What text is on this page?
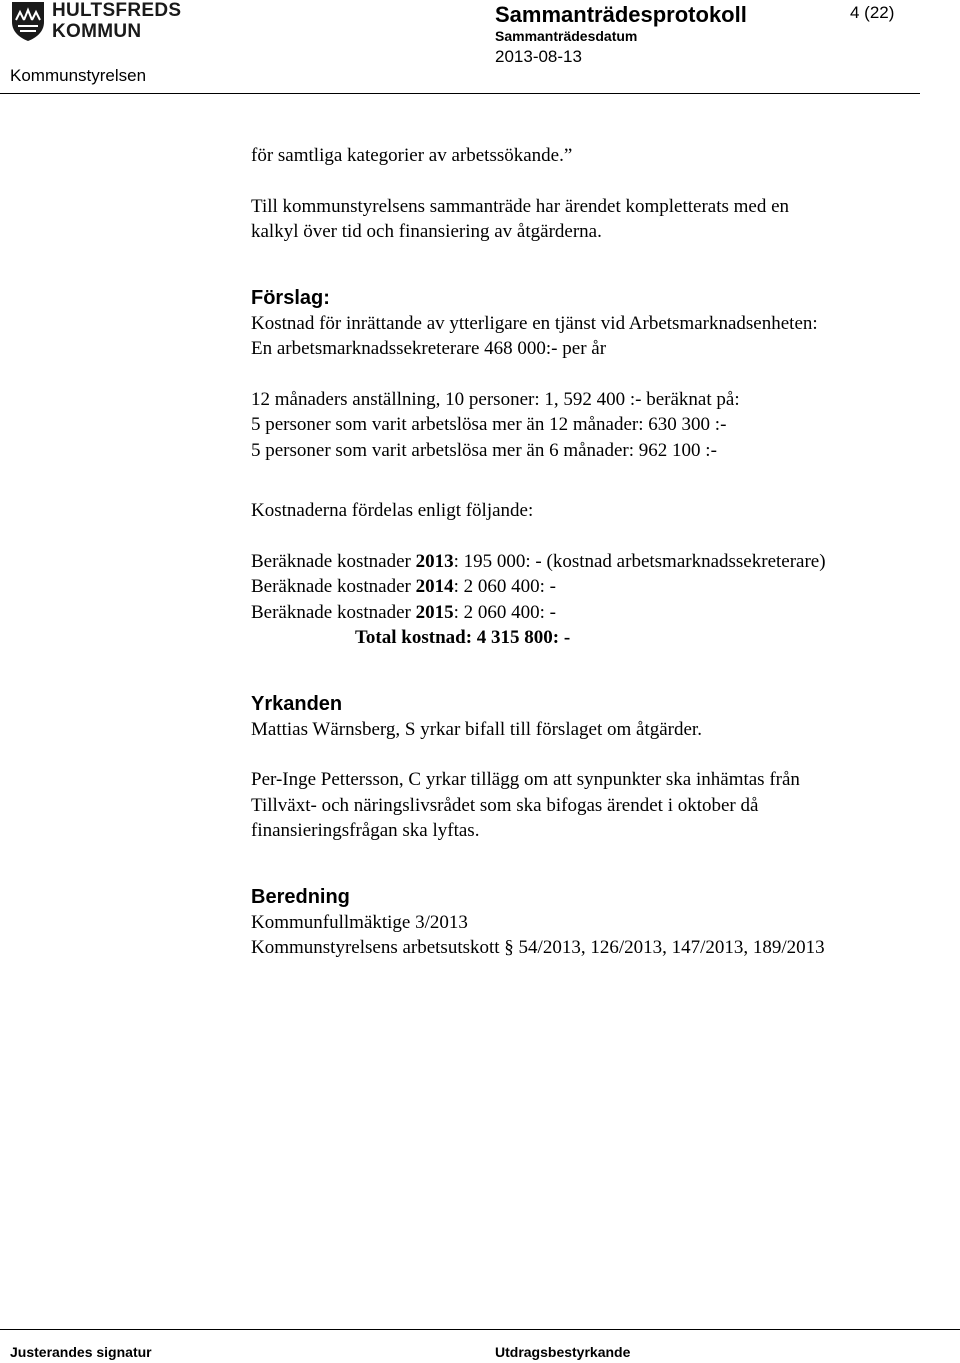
HULTSFREDS
KOMMUN
Kommunstyrelsen
Sammanträdesprotokoll	4 (22)
Sammanträdesdatum
2013-08-13

för samtliga kategorier av arbetssökande.”

Till kommunstyrelsens sammanträde har ärendet kompletterats med en

kalkyl över tid och finansiering av åtgärderna.

Förslag:

Kostnad för inrättande av ytterligare en tjänst vid Arbetsmarknadsenheten:

En arbetsmarknadssekreterare 468 000:- per år

12 månaders anställning, 10 personer: 1, 592 400 :- beräknat på:

5 personer som varit arbetslösa mer än 12 månader: 630 300 :-

5 personer som varit arbetslösa mer än 6 månader: 962 100 :-

Kostnaderna fördelas enligt följande:

Beräknade kostnader 2013: 195 000: - (kostnad arbetsmarknadssekreterare)

Beräknade kostnader 2014: 2 060 400: -

Beräknade kostnader 2015: 2 060 400: -

Total kostnad: 4 315 800: -

Yrkanden

Mattias Wärnsberg, S yrkar bifall till förslaget om åtgärder.

Per-Inge Pettersson, C yrkar tillägg om att synpunkter ska inhämtas från

Tillväxt- och näringslivsrådet som ska bifogas ärendet i oktober då

finansieringsfrågan ska lyftas.

Beredning

Kommunfullmäktige 3/2013

Kommunstyrelsens arbetsutskott § 54/2013, 126/2013, 147/2013, 189/2013

Justerandes signatur	Utdragsbestyrkande
